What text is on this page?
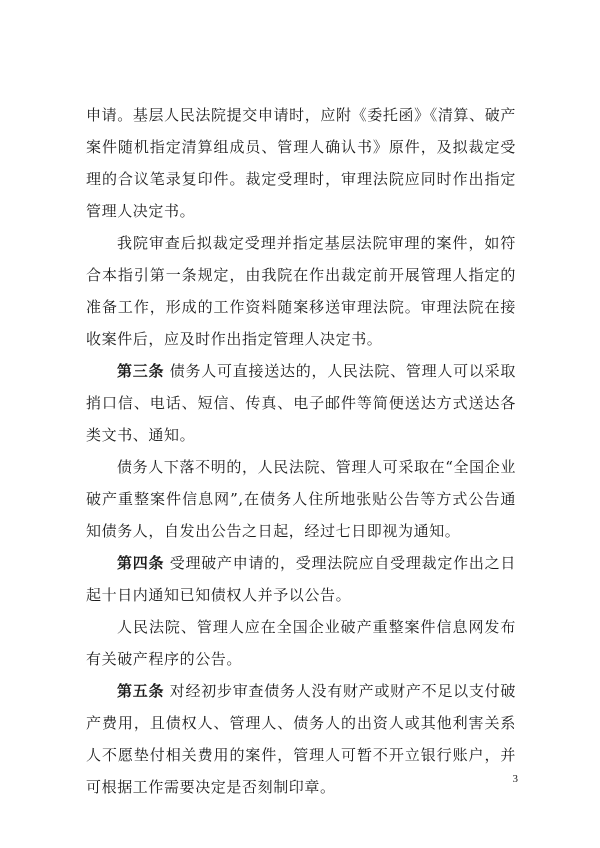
申请。基层人民法院提交申请时，应附《委托函》《清算、破产案件随机指定清算组成员、管理人确认书》原件，及拟裁定受理的合议笔录复印件。裁定受理时，审理法院应同时作出指定管理人决定书。

我院审查后拟裁定受理并指定基层法院审理的案件，如符合本指引第一条规定，由我院在作出裁定前开展管理人指定的准备工作，形成的工作资料随案移送审理法院。审理法院在接收案件后，应及时作出指定管理人决定书。

第三条 债务人可直接送达的，人民法院、管理人可以采取捎口信、电话、短信、传真、电子邮件等简便送达方式送达各类文书、通知。

债务人下落不明的，人民法院、管理人可采取在“全国企业破产重整案件信息网”,在债务人住所地张贴公告等方式公告通知债务人，自发出公告之日起，经过七日即视为通知。

第四条 受理破产申请的，受理法院应自受理裁定作出之日起十日内通知已知债权人并予以公告。

人民法院、管理人应在全国企业破产重整案件信息网发布有关破产程序的公告。

第五条 对经初步审查债务人没有财产或财产不足以支付破产费用，且债权人、管理人、债务人的出资人或其他利害关系人不愿垫付相关费用的案件，管理人可暂不开立银行账户，并可根据工作需要决定是否刻制印章。	3
